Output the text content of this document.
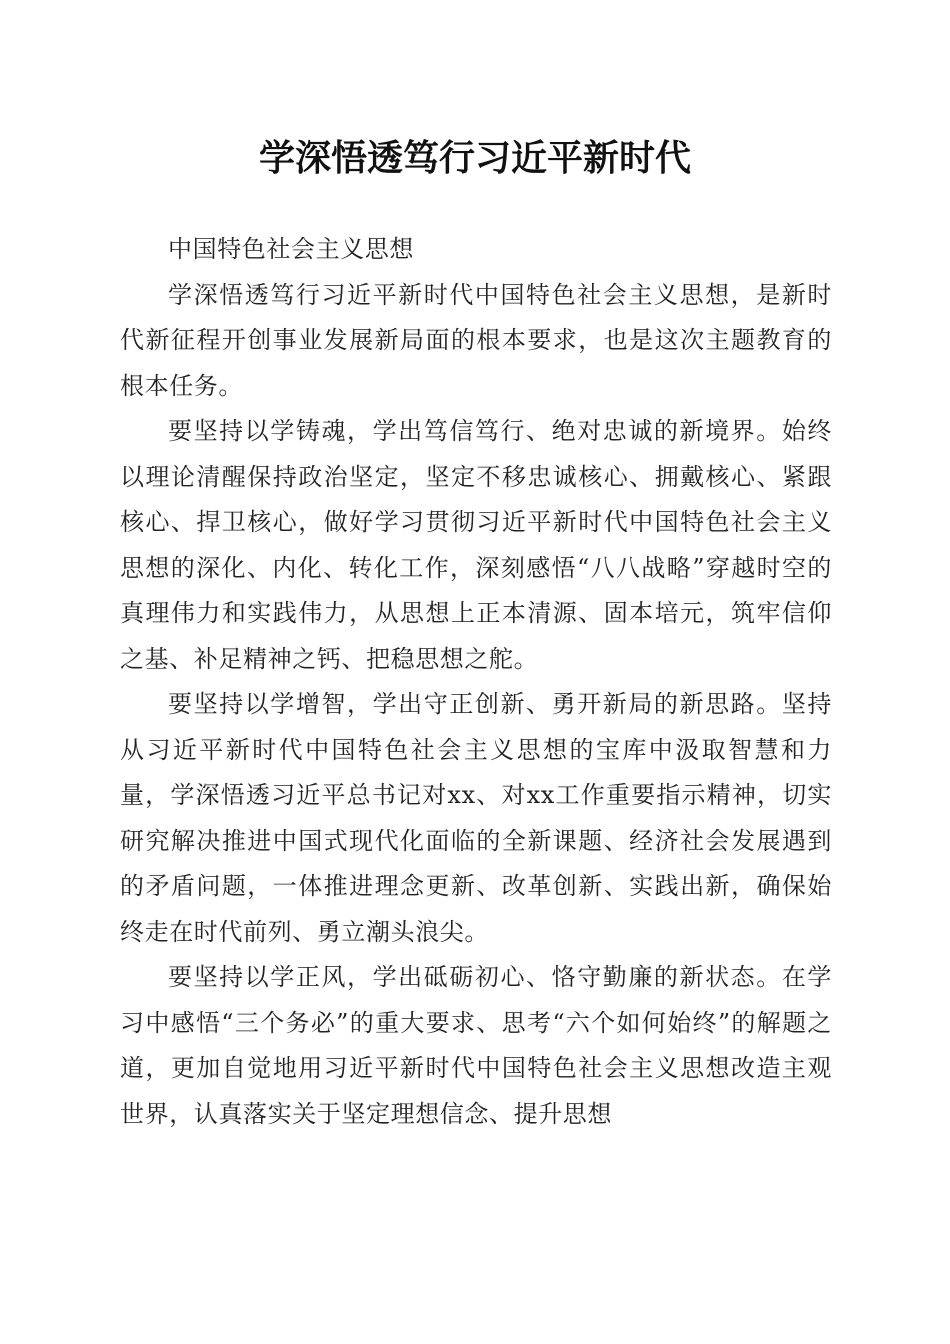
学深悟透笃行习近平新时代

中国特色社会主义思想

学深悟透笃行习近平新时代中国特色社会主义思想，是新时代新征程开创事业发展新局面的根本要求，也是这次主题教育的根本任务。

要坚持以学铸魂，学出笃信笃行、绝对忠诚的新境界。始终以理论清醒保持政治坚定，坚定不移忠诚核心、拥戴核心、紧跟核心、捍卫核心，做好学习贯彻习近平新时代中国特色社会主义思想的深化、内化、转化工作，深刻感悟“八八战略”穿越时空的真理伟力和实践伟力，从思想上正本清源、固本培元，筑牢信仰之基、补足精神之钙、把稳思想之舵。

要坚持以学增智，学出守正创新、勇开新局的新思路。坚持从习近平新时代中国特色社会主义思想的宝库中汲取智慧和力量，学深悟透习近平总书记对xx、对xx工作重要指示精神，切实研究解决推进中国式现代化面临的全新课题、经济社会发展遇到的矛盾问题，一体推进理念更新、改革创新、实践出新，确保始终走在时代前列、勇立潮头浪尖。

要坚持以学正风，学出砥砺初心、恪守勤廉的新状态。在学习中感悟“三个务必”的重大要求、思考“六个如何始终”的解题之道，更加自觉地用习近平新时代中国特色社会主义思想改造主观世界，认真落实关于坚定理想信念、提升思想
